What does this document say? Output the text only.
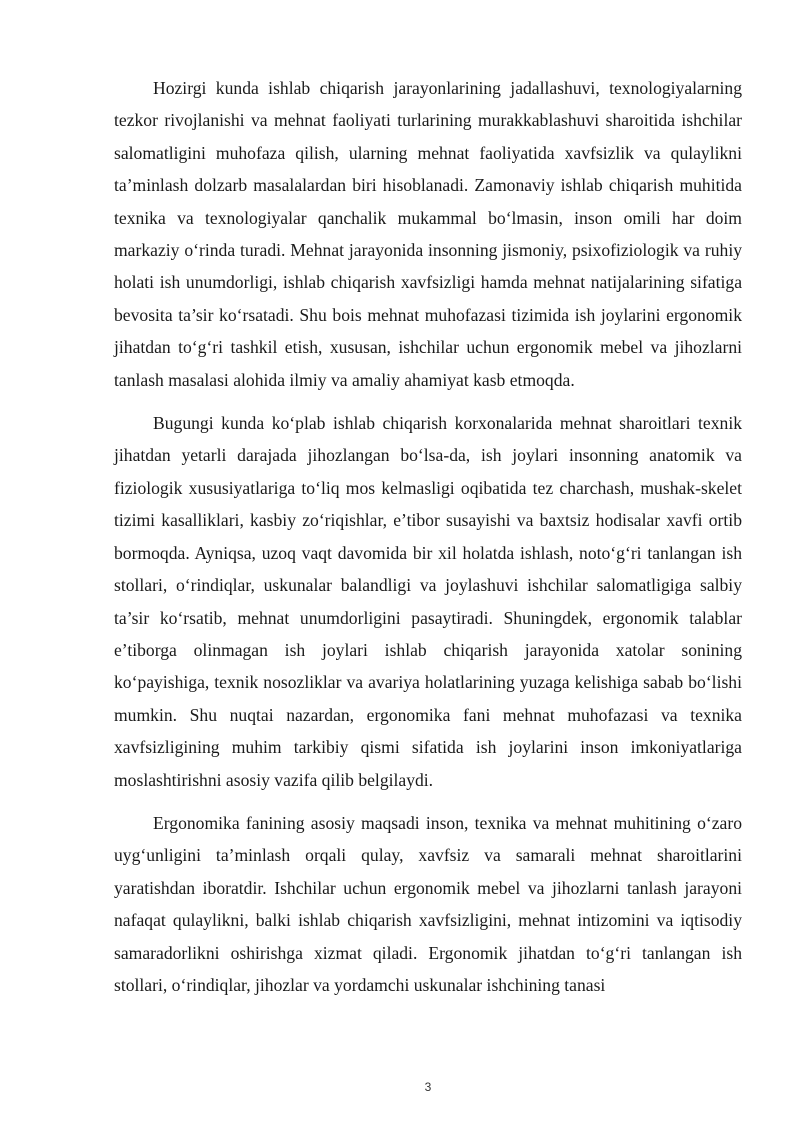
Hozirgi kunda ishlab chiqarish jarayonlarining jadallashuvi, texnologiyalarning tezkor rivojlanishi va mehnat faoliyati turlarining murakkablashuvi sharoitida ishchilar salomatligini muhofaza qilish, ularning mehnat faoliyatida xavfsizlik va qulaylikni ta’minlash dolzarb masalalardan biri hisoblanadi. Zamonaviy ishlab chiqarish muhitida texnika va texnologiyalar qanchalik mukammal bo‘lmasin, inson omili har doim markaziy o‘rinda turadi. Mehnat jarayonida insonning jismoniy, psixofiziologik va ruhiy holati ish unumdorligi, ishlab chiqarish xavfsizligi hamda mehnat natijalarining sifatiga bevosita ta’sir ko‘rsatadi. Shu bois mehnat muhofazasi tizimida ish joylarini ergonomik jihatdan to‘g‘ri tashkil etish, xususan, ishchilar uchun ergonomik mebel va jihozlarni tanlash masalasi alohida ilmiy va amaliy ahamiyat kasb etmoqda.

Bugungi kunda ko‘plab ishlab chiqarish korxonalarida mehnat sharoitlari texnik jihatdan yetarli darajada jihozlangan bo‘lsa-da, ish joylari insonning anatomik va fiziologik xususiyatlariga to‘liq mos kelmasligi oqibatida tez charchash, mushak-skelet tizimi kasalliklari, kasbiy zo‘riqishlar, e’tibor susayishi va baxtsiz hodisalar xavfi ortib bormoqda. Ayniqsa, uzoq vaqt davomida bir xil holatda ishlash, noto‘g‘ri tanlangan ish stollari, o‘rindiqlar, uskunalar balandligi va joylashuvi ishchilar salomatligiga salbiy ta’sir ko‘rsatib, mehnat unumdorligini pasaytiradi. Shuningdek, ergonomik talablar e’tiborga olinmagan ish joylari ishlab chiqarish jarayonida xatolar sonining ko‘payishiga, texnik nosozliklar va avariya holatlarining yuzaga kelishiga sabab bo‘lishi mumkin. Shu nuqtai nazardan, ergonomika fani mehnat muhofazasi va texnika xavfsizligining muhim tarkibiy qismi sifatida ish joylarini inson imkoniyatlariga moslashtirishni asosiy vazifa qilib belgilaydi.

Ergonomika fanining asosiy maqsadi inson, texnika va mehnat muhitining o‘zaro uyg‘unligini ta’minlash orqali qulay, xavfsiz va samarali mehnat sharoitlarini yaratishdan iboratdir. Ishchilar uchun ergonomik mebel va jihozlarni tanlash jarayoni nafaqat qulaylikni, balki ishlab chiqarish xavfsizligini, mehnat intizomini va iqtisodiy samaradorlikni oshirishga xizmat qiladi. Ergonomik jihatdan to‘g‘ri tanlangan ish stollari, o‘rindiqlar, jihozlar va yordamchi uskunalar ishchining tanasi

3
